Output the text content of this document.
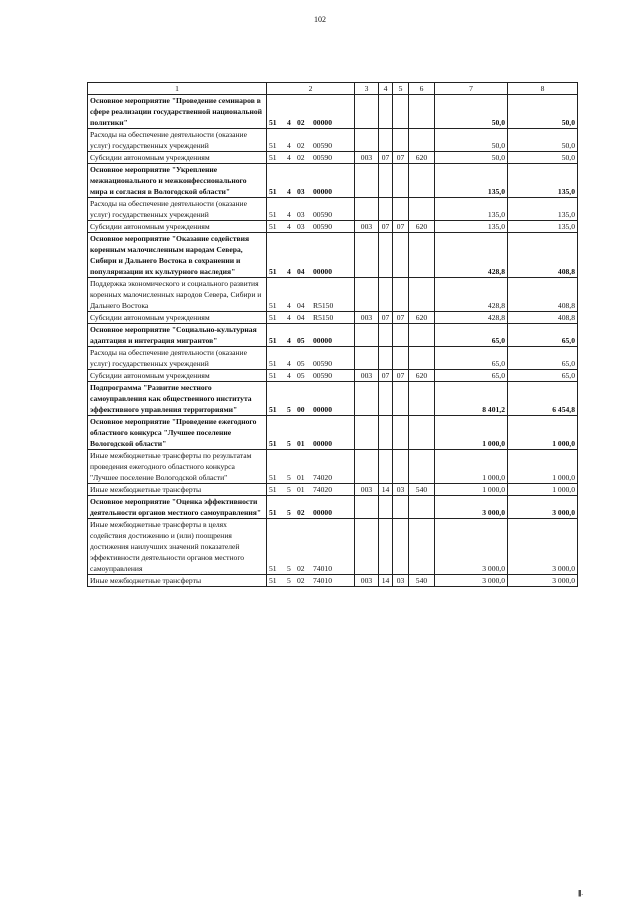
102
1	2	3	4	5	6	7	8
Основное мероприятие "Проведение семинаров в сфере реализации государственной национальной политики"	51 4 02 00000					50,0	50,0
Расходы на обеспечение деятельности (оказание услуг) государственных учреждений	51 4 02 00590					50,0	50,0
Субсидии автономным учреждениям	51 4 02 00590	003	07	07	620	50,0	50,0
Основное мероприятие "Укрепление межнационального и межконфессионального мира и согласия в Вологодской области"	51 4 03 00000					135,0	135,0
Расходы на обеспечение деятельности (оказание услуг) государственных учреждений	51 4 03 00590					135,0	135,0
Субсидии автономным учреждениям	51 4 03 00590	003	07	07	620	135,0	135,0
Основное мероприятие "Оказание содействия коренным малочисленным народам Севера, Сибири и Дальнего Востока в сохранении и популяризации их культурного наследия"	51 4 04 00000					428,8	408,8
Поддержка экономического и социального развития коренных малочисленных народов Севера, Сибири и Дальнего Востока	51 4 04 R5150					428,8	408,8
Субсидии автономным учреждениям	51 4 04 R5150	003	07	07	620	428,8	408,8
Основное мероприятие "Социально-культурная адаптация и интеграция мигрантов"	51 4 05 00000					65,0	65,0
Расходы на обеспечение деятельности (оказание услуг) государственных учреждений	51 4 05 00590					65,0	65,0
Субсидии автономным учреждениям	51 4 05 00590	003	07	07	620	65,0	65,0
Подпрограмма "Развитие местного самоуправления как общественного института эффективного управления территориями"	51 5 00 00000					8 401,2	6 454,8
Основное мероприятие "Проведение ежегодного областного конкурса "Лучшее поселение Вологодской области"	51 5 01 00000					1 000,0	1 000,0
Иные межбюджетные трансферты по результатам проведения ежегодного областного конкурса "Лучшее поселение Вологодской области"	51 5 01 74020					1 000,0	1 000,0
Иные межбюджетные трансферты	51 5 01 74020	003	14	03	540	1 000,0	1 000,0
Основное мероприятие "Оценка эффективности деятельности органов местного самоуправления"	51 5 02 00000					3 000,0	3 000,0
Иные межбюджетные трансферты в целях содействия достижению и (или) поощрения достижения наилучших значений показателей эффективности деятельности органов местного самоуправления	51 5 02 74010					3 000,0	3 000,0
Иные межбюджетные трансферты	51 5 02 74010	003	14	03	540	3 000,0	3 000,0
|||||| .
